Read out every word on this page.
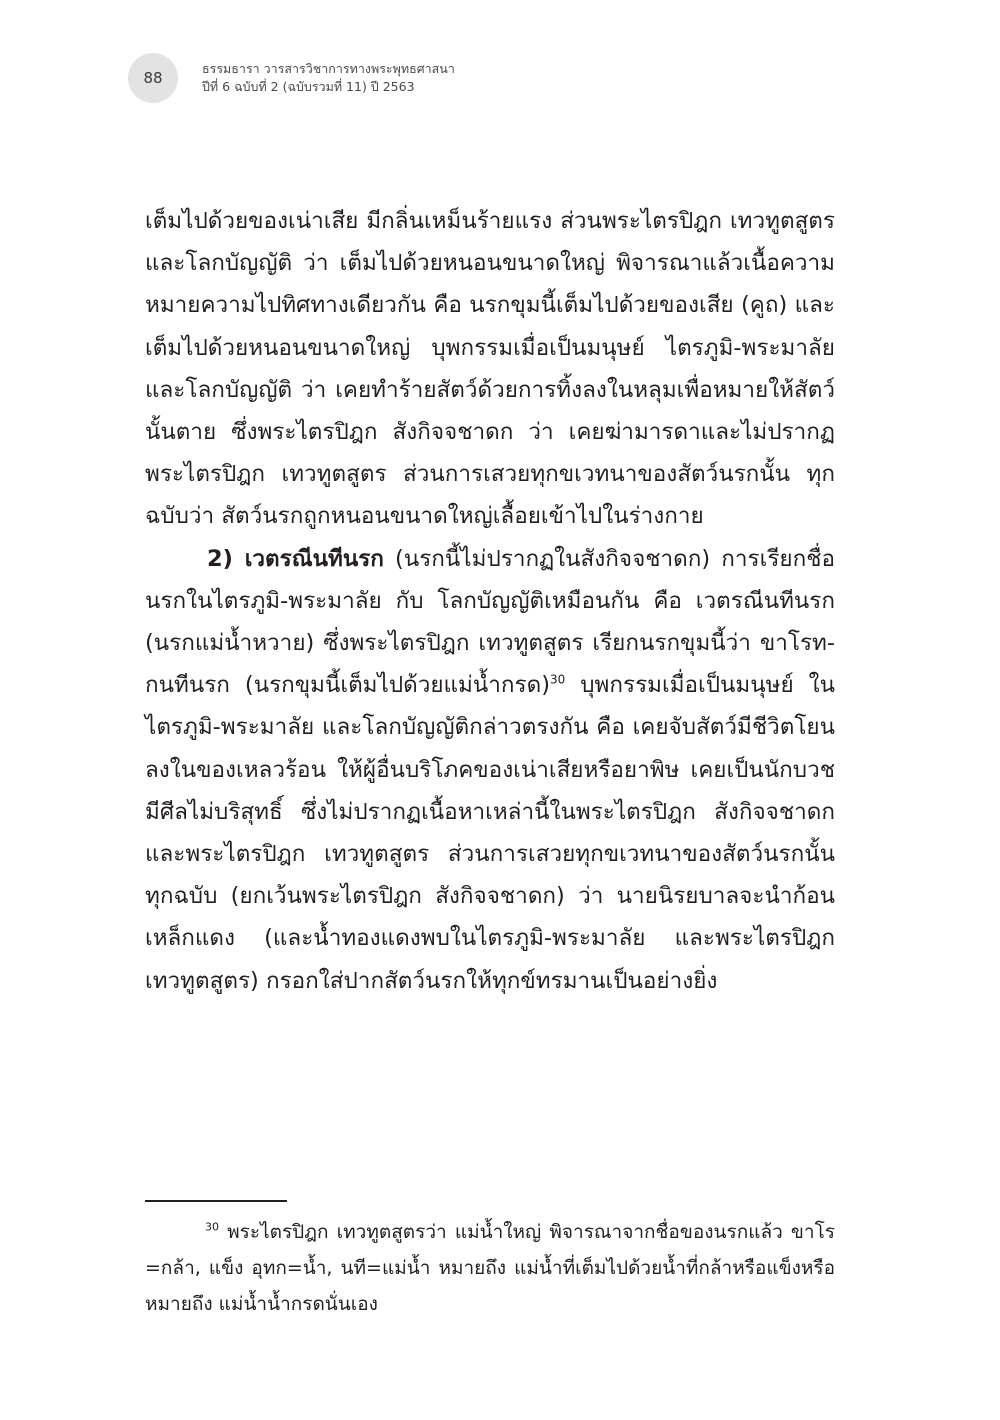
88
ธรรมธารา วารสารวิชาการทางพระพุทธศาสนา
ปีที่ 6 ฉบับที่ 2 (ฉบับรวมที่ 11) ปี 2563

เต็มไปด้วยของเน่าเสีย มีกลิ่นเหม็นร้ายแรง ส่วนพระไตรปิฎก เทวทูตสูตรและโลกบัญญัติ ว่า เต็มไปด้วยหนอนขนาดใหญ่ พิจารณาแล้วเนื้อความหมายความไปทิศทางเดียวกัน คือ นรกขุมนี้เต็มไปด้วยของเสีย (คูถ) และเต็มไปด้วยหนอนขนาดใหญ่ บุพกรรมเมื่อเป็นมนุษย์ ไตรภูมิ-พระมาลัย และโลกบัญญัติ ว่า เคยทำร้ายสัตว์ด้วยการทิ้งลงในหลุมเพื่อหมายให้สัตว์นั้นตาย ซึ่งพระไตรปิฎก สังกิจจชาดก ว่า เคยฆ่ามารดาและไม่ปรากฏพระไตรปิฎก เทวทูตสูตร ส่วนการเสวยทุกขเวทนาของสัตว์นรกนั้น ทุกฉบับว่า สัตว์นรกถูกหนอนขนาดใหญ่เลื้อยเข้าไปในร่างกาย

2) เวตรณีนทีนรก (นรกนี้ไม่ปรากฏในสังกิจจชาดก) การเรียกชื่อนรกในไตรภูมิ-พระมาลัย กับ โลกบัญญัติเหมือนกัน คือ เวตรณีนทีนรก (นรกแม่น้ำหวาย) ซึ่งพระไตรปิฎก เทวทูตสูตร เรียกนรกขุมนี้ว่า ขาโรท-กนทีนรก (นรกขุมนี้เต็มไปด้วยแม่น้ำกรด)$^{30}$ บุพกรรมเมื่อเป็นมนุษย์ ในไตรภูมิ-พระมาลัย และโลกบัญญัติกล่าวตรงกัน คือ เคยจับสัตว์มีชีวิตโยนลงในของเหลวร้อน ให้ผู้อื่นบริโภคของเน่าเสียหรือยาพิษ เคยเป็นนักบวชมีศีลไม่บริสุทธิ์ ซึ่งไม่ปรากฏเนื้อหาเหล่านี้ในพระไตรปิฎก สังกิจจชาดกและพระไตรปิฎก เทวทูตสูตร ส่วนการเสวยทุกขเวทนาของสัตว์นรกนั้น ทุกฉบับ (ยกเว้นพระไตรปิฎก สังกิจจชาดก) ว่า นายนิรยบาลจะนำก้อนเหล็กแดง (และน้ำทองแดงพบในไตรภูมิ-พระมาลัย และพระไตรปิฎก เทวทูตสูตร) กรอกใส่ปากสัตว์นรกให้ทุกข์ทรมานเป็นอย่างยิ่ง

$^{30}$ พระไตรปิฎก เทวทูตสูตรว่า แม่น้ำใหญ่ พิจารณาจากชื่อของนรกแล้ว ขาโร =กล้า, แข็ง อุทก=น้ำ, นที=แม่น้ำ หมายถึง แม่น้ำที่เต็มไปด้วยน้ำที่กล้าหรือแข็งหรือหมายถึง แม่น้ำน้ำกรดนั่นเอง
